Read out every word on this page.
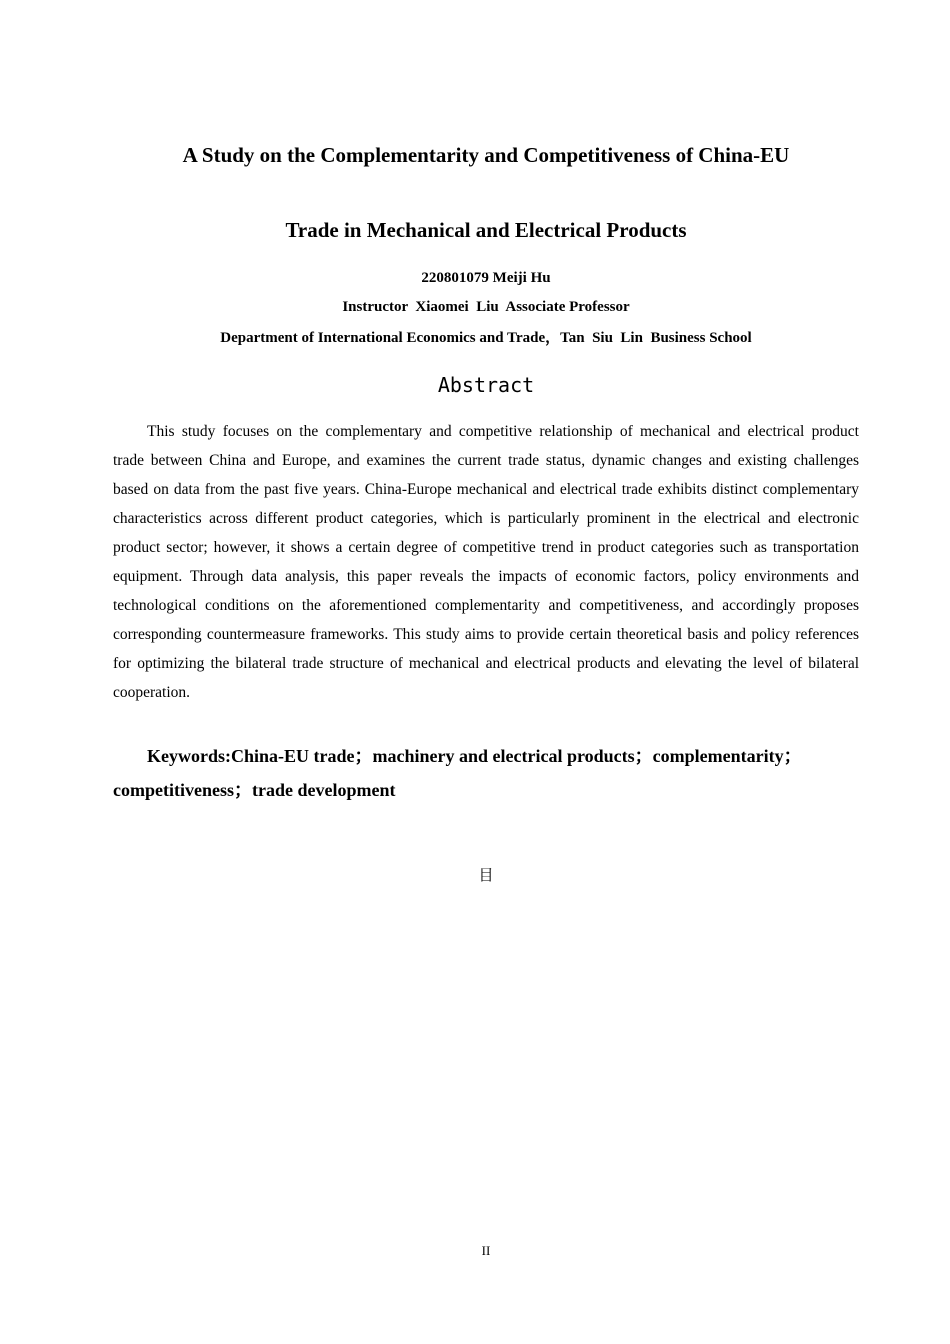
A Study on the Complementarity and Competitiveness of China-EU
Trade in Mechanical and Electrical Products
220801079 Meiji Hu
Instructor  Xiaomei  Liu  Associate Professor
Department of International Economics and Trade，Tan  Siu  Lin  Business School
Abstract

This study focuses on the complementary and competitive relationship of mechanical and electrical product trade between China and Europe, and examines the current trade status, dynamic changes and existing challenges based on data from the past five years. China-Europe mechanical and electrical trade exhibits distinct complementary characteristics across different product categories, which is particularly prominent in the electrical and electronic product sector; however, it shows a certain degree of competitive trend in product categories such as transportation equipment. Through data analysis, this paper reveals the impacts of economic factors, policy environments and technological conditions on the aforementioned complementarity and competitiveness, and accordingly proposes corresponding countermeasure frameworks. This study aims to provide certain theoretical basis and policy references for optimizing the bilateral trade structure of mechanical and electrical products and elevating the level of bilateral cooperation.

Keywords:China-EU trade；machinery and electrical products；complementarity；competitiveness；trade development

目
II
